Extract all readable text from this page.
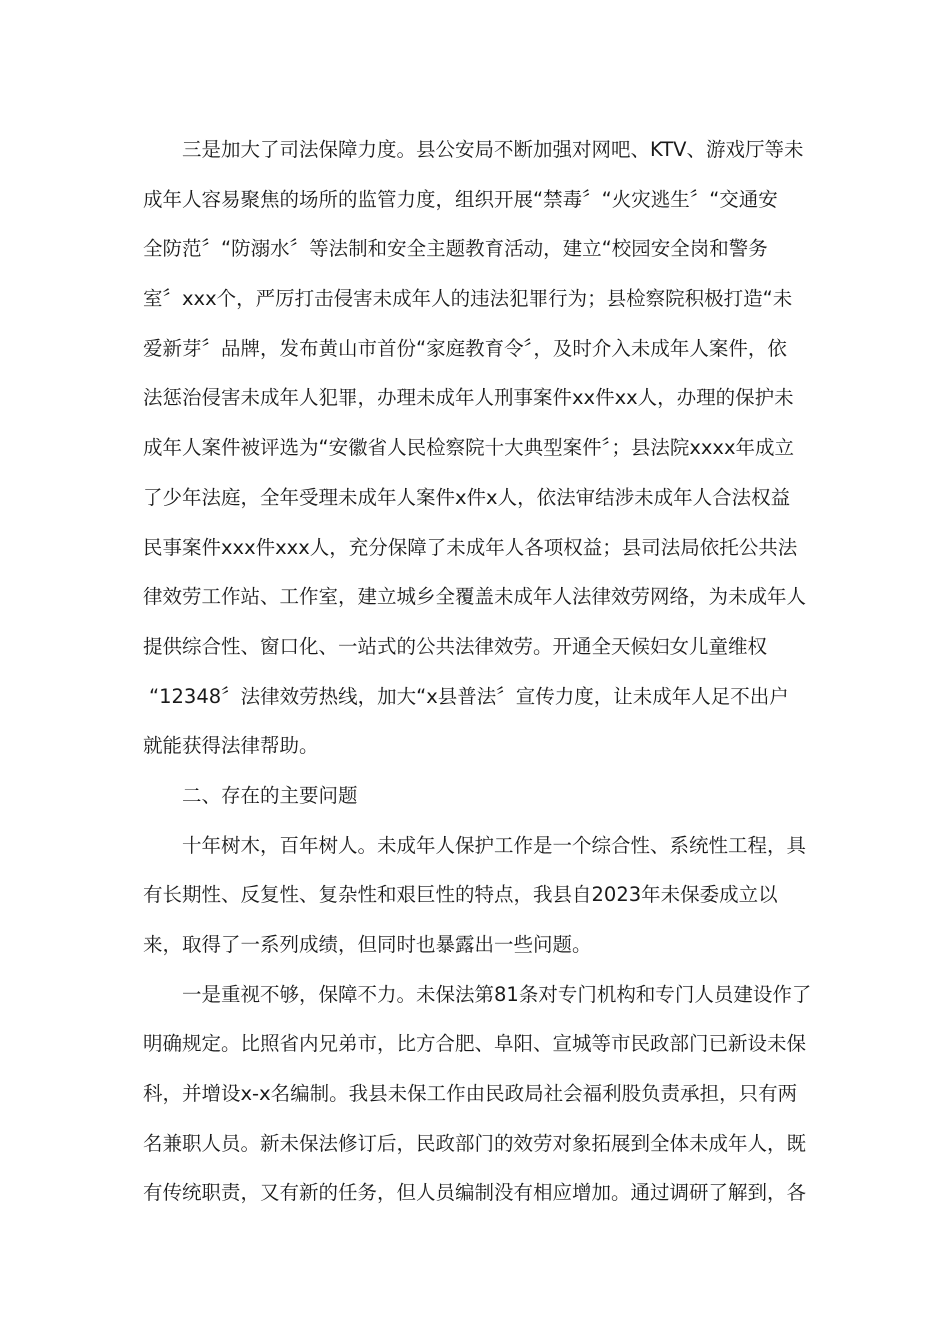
三是加大了司法保障力度。县公安局不断加强对网吧、KTV、游戏厅等未
成年人容易聚焦的场所的监管力度，组织开展“禁毒〞“火灾逃生〞“交通安
全防范〞“防溺水〞等法制和安全主题教育活动，建立“校园安全岗和警务
室〞xxx个，严厉打击侵害未成年人的违法犯罪行为；县检察院积极打造“未
爱新芽〞品牌，发布黄山市首份“家庭教育令〞，及时介入未成年人案件，依
法惩治侵害未成年人犯罪，办理未成年人刑事案件xx件xx人，办理的保护未
成年人案件被评选为“安徽省人民检察院十大典型案件〞；县法院xxxx年成立
了少年法庭，全年受理未成年人案件x件x人，依法审结涉未成年人合法权益
民事案件xxx件xxx人，充分保障了未成年人各项权益；县司法局依托公共法
律效劳工作站、工作室，建立城乡全覆盖未成年人法律效劳网络，为未成年人
提供综合性、窗口化、一站式的公共法律效劳。开通全天候妇女儿童维权
“12348〞法律效劳热线，加大“x县普法〞宣传力度，让未成年人足不出户
就能获得法律帮助。
二、存在的主要问题
十年树木，百年树人。未成年人保护工作是一个综合性、系统性工程，具
有长期性、反复性、复杂性和艰巨性的特点，我县自2023年未保委成立以
来，取得了一系列成绩，但同时也暴露出一些问题。
一是重视不够，保障不力。未保法第81条对专门机构和专门人员建设作了
明确规定。比照省内兄弟市，比方合肥、阜阳、宣城等市民政部门已新设未保
科，并增设x-x名编制。我县未保工作由民政局社会福利股负责承担，只有两
名兼职人员。新未保法修订后，民政部门的效劳对象拓展到全体未成年人，既
有传统职责，又有新的任务，但人员编制没有相应增加。通过调研了解到，各
